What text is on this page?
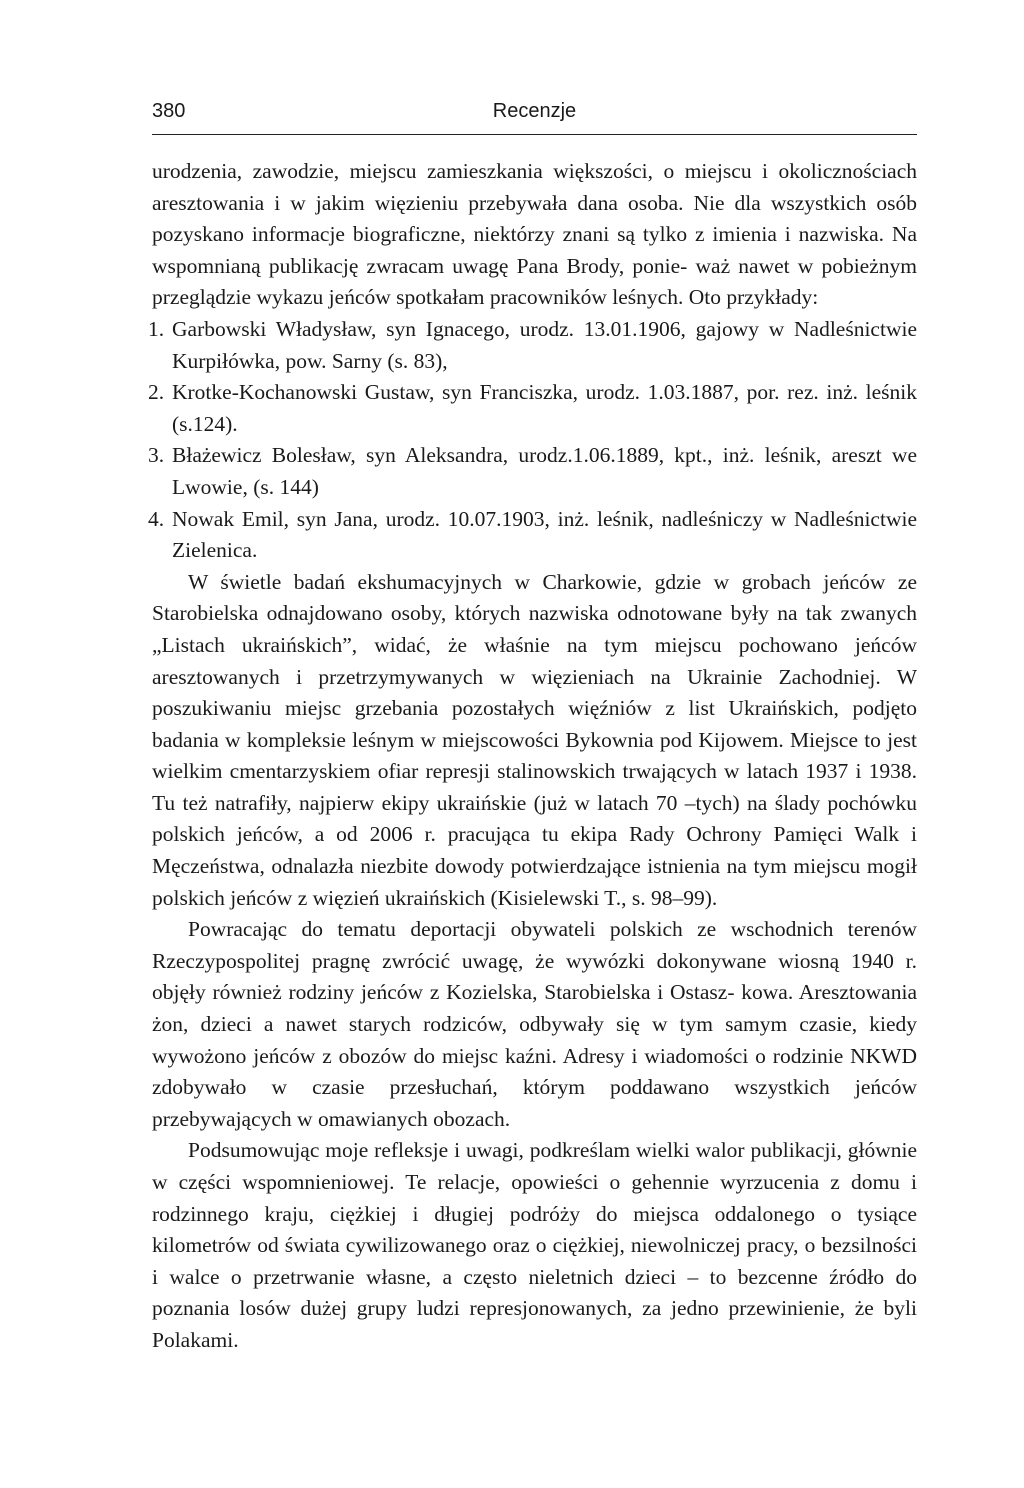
380	Recenzje

urodzenia, zawodzie, miejscu zamieszkania większości, o miejscu i okolicznościach aresztowania i w jakim więzieniu przebywała dana osoba. Nie dla wszystkich osób pozyskano informacje biograficzne, niektórzy znani są tylko z imienia i nazwiska. Na wspomnianą publikację zwracam uwagę Pana Brody, ponie- waż nawet w pobieżnym przeglądzie wykazu jeńców spotkałam pracowników leśnych. Oto przykłady:

1. Garbowski Władysław, syn Ignacego, urodz. 13.01.1906, gajowy w Nadleśnictwie Kurpiłówka, pow. Sarny (s. 83),
2. Krotke-Kochanowski Gustaw, syn Franciszka, urodz. 1.03.1887, por. rez. inż. leśnik (s.124).
3. Błażewicz Bolesław, syn Aleksandra, urodz.1.06.1889, kpt., inż. leśnik, areszt we Lwowie, (s. 144)
4. Nowak Emil, syn Jana, urodz. 10.07.1903, inż. leśnik, nadleśniczy w Nadleśnictwie Zielenica.

W świetle badań ekshumacyjnych w Charkowie, gdzie w grobach jeńców ze Starobielska odnajdowano osoby, których nazwiska odnotowane były na tak zwanych „Listach ukraińskich”, widać, że właśnie na tym miejscu pochowano jeńców aresztowanych i przetrzymywanych w więzieniach na Ukrainie Zachodniej. W poszukiwaniu miejsc grzebania pozostałych więźniów z list Ukraińskich, podjęto badania w kompleksie leśnym w miejscowości Bykownia pod Kijowem. Miejsce to jest wielkim cmentarzyskiem ofiar represji stalinowskich trwających w latach 1937 i 1938. Tu też natrafiły, najpierw ekipy ukraińskie (już w latach 70 –tych) na ślady pochówku polskich jeńców, a od 2006 r. pracująca tu ekipa Rady Ochrony Pamięci Walk i Męczeństwa, odnalazła niezbite dowody potwierdzające istnienia na tym miejscu mogił polskich jeńców z więzień ukraińskich (Kisielewski T., s. 98–99).

Powracając do tematu deportacji obywateli polskich ze wschodnich terenów Rzeczypospolitej pragnę zwrócić uwagę, że wywózki dokonywane wiosną 1940 r. objęły również rodziny jeńców z Kozielska, Starobielska i Ostasz- kowa. Aresztowania żon, dzieci a nawet starych rodziców, odbywały się w tym samym czasie, kiedy wywożono jeńców z obozów do miejsc kaźni. Adresy i wiadomości o rodzinie NKWD zdobywało w czasie przesłuchań, którym poddawano wszystkich jeńców przebywających w omawianych obozach.

Podsumowując moje refleksje i uwagi, podkreślam wielki walor publikacji, głównie w części wspomnieniowej. Te relacje, opowieści o gehennie wyrzucenia z domu i rodzinnego kraju, ciężkiej i długiej podróży do miejsca oddalonego o tysiące kilometrów od świata cywilizowanego oraz o ciężkiej, niewolniczej pracy, o bezsilności i walce o przetrwanie własne, a często nieletnich dzieci – to bezcenne źródło do poznania losów dużej grupy ludzi represjonowanych, za jedno przewinienie, że byli Polakami.
